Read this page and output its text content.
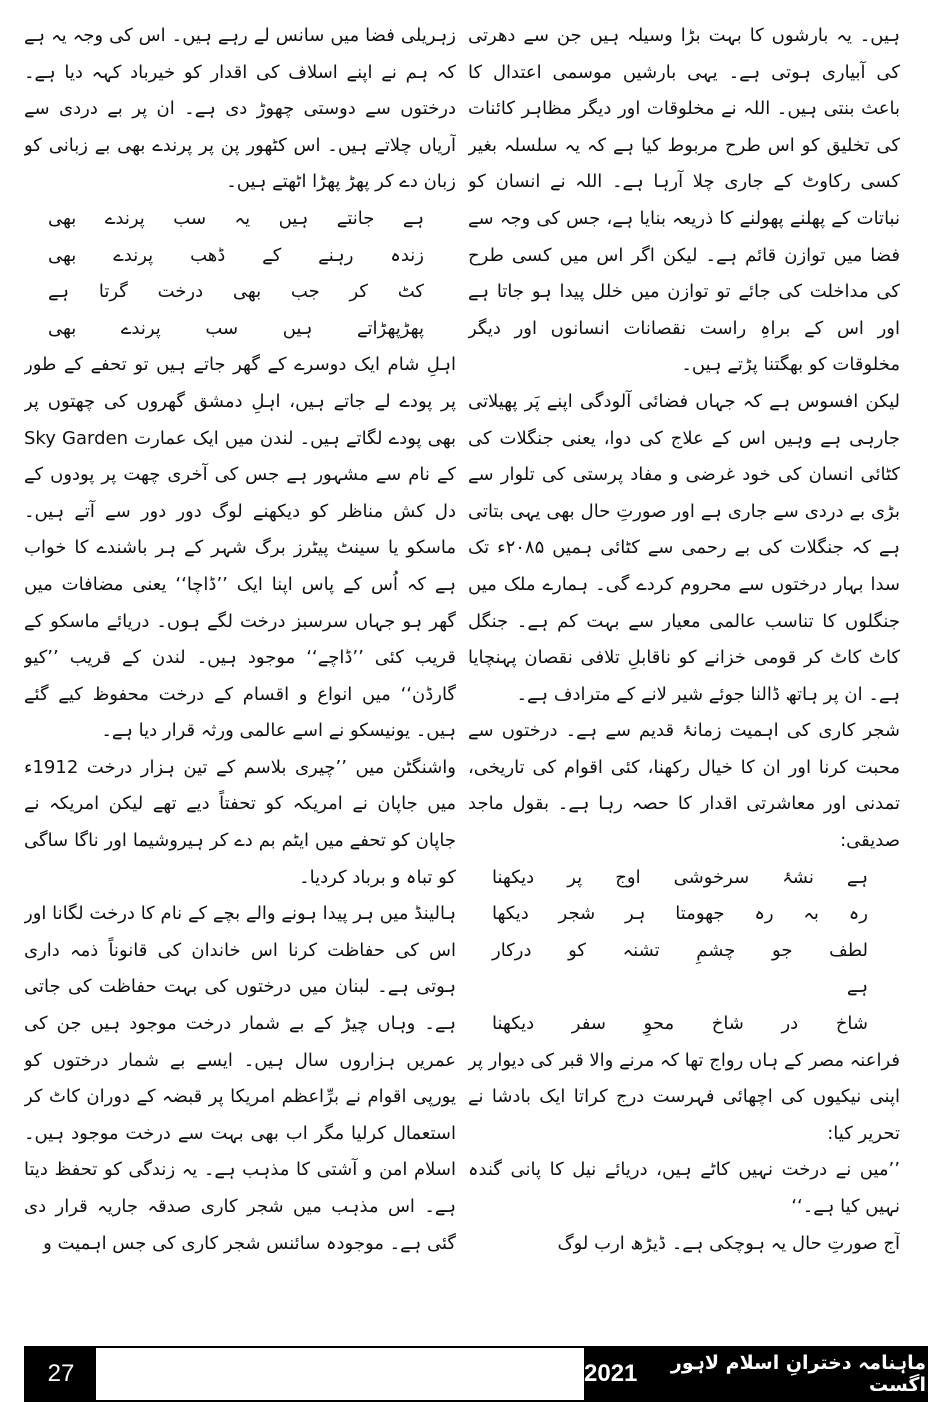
ہیں۔ یہ بارشوں کا بہت بڑا وسیلہ ہیں جن سے دھرتی کی آبیاری ہوتی ہے۔ یہی بارشیں موسمی اعتدال کا باعث بنتی ہیں۔ اللہ نے مخلوقات اور دیگر مظاہر کائنات کی تخلیق کو اس طرح مربوط کیا ہے کہ یہ سلسلہ بغیر کسی رکاوٹ کے جاری چلا آرہا ہے۔ اللہ نے انسان کو نباتات کے پھلنے پھولنے کا ذریعہ بنایا ہے، جس کی وجہ سے فضا میں توازن قائم ہے۔ لیکن اگر اس میں کسی طرح کی مداخلت کی جائے تو توازن میں خلل پیدا ہو جاتا ہے اور اس کے براہِ راست نقصانات انسانوں اور دیگر مخلوقات کو بھگتنا پڑتے ہیں۔

لیکن افسوس ہے کہ جہاں فضائی آلودگی اپنے پَر پھیلاتی جارہی ہے وہیں اس کے علاج کی دوا، یعنی جنگلات کی کٹائی انسان کی خود غرضی و مفاد پرستی کی تلوار سے بڑی بے دردی سے جاری ہے اور صورتِ حال بھی یہی بتاتی ہے کہ جنگلات کی بے رحمی سے کٹائی ہمیں ۲۰۸۵ء تک سدا بہار درختوں سے محروم کردے گی۔ ہمارے ملک میں جنگلوں کا تناسب عالمی معیار سے بہت کم ہے۔ جنگل کاٹ کاٹ کر قومی خزانے کو ناقابلِ تلافی نقصان پہنچایا ہے۔ ان پر ہاتھ ڈالنا جوئے شیر لانے کے مترادف ہے۔

شجر کاری کی اہمیت زمانۂ قدیم سے ہے۔ درختوں سے محبت کرنا اور ان کا خیال رکھنا، کئی اقوام کی تاریخی، تمدنی اور معاشرتی اقدار کا حصہ رہا ہے۔ بقول ماجد صدیقی:

ہے نشۂ سرخوشی اوج پر دیکھنا
رہ بہ رہ جھومتا ہر شجر دیکھا
لطف جو چشمِ تشنہ کو درکار ہے
شاخ در شاخ محوِ سفر دیکھنا

فراعنہ مصر کے ہاں رواج تھا کہ مرنے والا قبر کی دیوار پر اپنی نیکیوں کی اچھائی فہرست درج کراتا ایک بادشا نے تحریر کیا:

’’میں نے درخت نہیں کاٹے ہیں، دریائے نیل کا پانی گندہ نہیں کیا ہے۔‘‘

آج صورتِ حال یہ ہوچکی ہے۔ ڈیڑھ ارب لوگ

زہریلی فضا میں سانس لے رہے ہیں۔ اس کی وجہ یہ ہے کہ ہم نے اپنے اسلاف کی اقدار کو خیرباد کہہ دیا ہے۔ درختوں سے دوستی چھوڑ دی ہے۔ ان پر بے دردی سے آریاں چلاتے ہیں۔ اس کٹھور پن پر پرندے بھی بے زبانی کو زبان دے کر پھڑ پھڑا اٹھتے ہیں۔

ہے جانتے ہیں یہ سب پرندے بھی
زندہ رہنے کے ڈھب پرندے بھی
کٹ کر جب بھی درخت گرتا ہے
پھڑپھڑاتے ہیں سب پرندے بھی

اہلِ شام ایک دوسرے کے گھر جاتے ہیں تو تحفے کے طور پر پودے لے جاتے ہیں، اہلِ دمشق گھروں کی چھتوں پر بھی پودے لگاتے ہیں۔ لندن میں ایک عمارت Sky Garden کے نام سے مشہور ہے جس کی آخری چھت پر پودوں کے دل کش مناظر کو دیکھنے لوگ دور دور سے آتے ہیں۔ ماسکو یا سینٹ پیٹرز برگ شہر کے ہر باشندے کا خواب ہے کہ اُس کے پاس اپنا ایک ’’ڈاچا‘‘ یعنی مضافات میں گھر ہو جہاں سرسبز درخت لگے ہوں۔ دریائے ماسکو کے قریب کئی ’’ڈاچے‘‘ موجود ہیں۔ لندن کے قریب ’’کیو گارڈن‘‘ میں انواع و اقسام کے درخت محفوظ کیے گئے ہیں۔ یونیسکو نے اسے عالمی ورثہ قرار دیا ہے۔

واشنگٹن میں ’’چیری بلاسم کے تین ہزار درخت 1912ء میں جاپان نے امریکہ کو تحفتاً دیے تھے لیکن امریکہ نے جاپان کو تحفے میں ایٹم بم دے کر ہیروشیما اور ناگا ساگی کو تباہ و برباد کردیا۔

ہالینڈ میں ہر پیدا ہونے والے بچے کے نام کا درخت لگانا اور اس کی حفاظت کرنا اس خاندان کی قانوناً ذمہ داری ہوتی ہے۔ لبنان میں درختوں کی بہت حفاظت کی جاتی ہے۔ وہاں چیڑ کے بے شمار درخت موجود ہیں جن کی عمریں ہزاروں سال ہیں۔ ایسے بے شمار درختوں کو یورپی اقوام نے برِّاعظم امریکا پر قبضہ کے دوران کاٹ کر استعمال کرلیا مگر اب بھی بہت سے درخت موجود ہیں۔ اسلام امن و آشتی کا مذہب ہے۔ یہ زندگی کو تحفظ دیتا ہے۔ اس مذہب میں شجر کاری صدقہ جاریہ قرار دی گئی ہے۔ موجودہ سائنس شجر کاری کی جس اہمیت و

27	ماہنامہ دخترانِ اسلام لاہور اگست
2021
